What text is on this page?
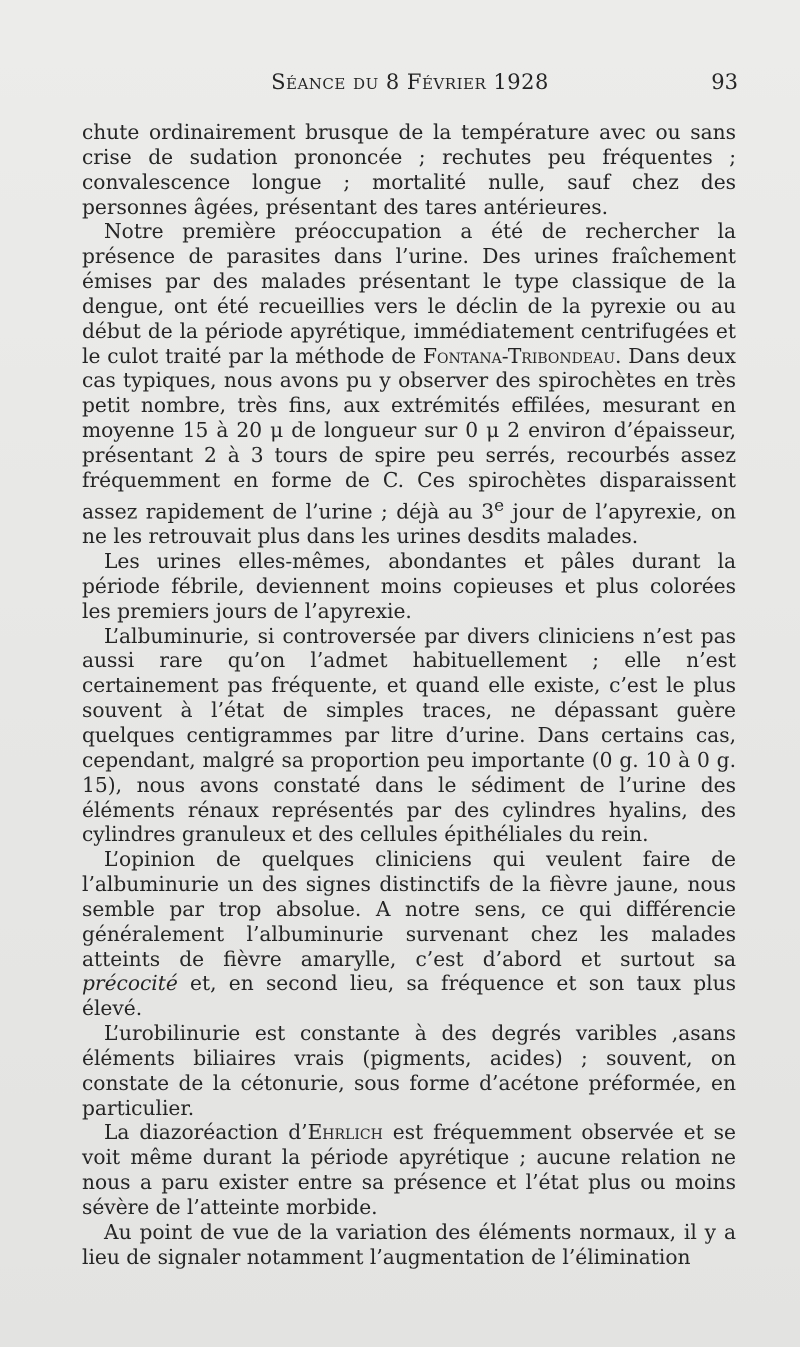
Séance du 8 Février 1928	93

chute ordinairement brusque de la température avec ou sans crise de sudation prononcée ; rechutes peu fréquentes ; convalescence longue ; mortalité nulle, sauf chez des personnes âgées, présentant des tares antérieures.

Notre première préoccupation a été de rechercher la présence de parasites dans l’urine. Des urines fraîchement émises par des malades présentant le type classique de la dengue, ont été recueillies vers le déclin de la pyrexie ou au début de la période apyrétique, immédiatement centrifugées et le culot traité par la méthode de Fontana-Tribondeau. Dans deux cas typiques, nous avons pu y observer des spirochètes en très petit nombre, très fins, aux extrémités effilées, mesurant en moyenne 15 à 20 μ de longueur sur 0 μ 2 environ d’épaisseur, présentant 2 à 3 tours de spire peu serrés, recourbés assez fréquemment en forme de C. Ces spirochètes disparaissent assez rapidement de l’urine ; déjà au 3e jour de l’apyrexie, on ne les retrouvait plus dans les urines desdits malades.

Les urines elles-mêmes, abondantes et pâles durant la période fébrile, deviennent moins copieuses et plus colorées les premiers jours de l’apyrexie.

L’albuminurie, si controversée par divers cliniciens n’est pas aussi rare qu’on l’admet habituellement ; elle n’est certainement pas fréquente, et quand elle existe, c’est le plus souvent à l’état de simples traces, ne dépassant guère quelques centigrammes par litre d’urine. Dans certains cas, cependant, malgré sa proportion peu importante (0 g. 10 à 0 g. 15), nous avons constaté dans le sédiment de l’urine des éléments rénaux représentés par des cylindres hyalins, des cylindres granuleux et des cellules épithéliales du rein.

L’opinion de quelques cliniciens qui veulent faire de l’albuminurie un des signes distinctifs de la fièvre jaune, nous semble par trop absolue. A notre sens, ce qui différencie généralement l’albuminurie survenant chez les malades atteints de fièvre amarylle, c’est d’abord et surtout sa précocité et, en second lieu, sa fréquence et son taux plus élevé.

L’urobilinurie est constante à des degrés varibles ,asans éléments biliaires vrais (pigments, acides) ; souvent, on constate de la cétonurie, sous forme d’acétone préformée, en particulier.

La diazoréaction d’Ehrlich est fréquemment observée et se voit même durant la période apyrétique ; aucune relation ne nous a paru exister entre sa présence et l’état plus ou moins sévère de l’atteinte morbide.

Au point de vue de la variation des éléments normaux, il y a lieu de signaler notamment l’augmentation de l’élimination
